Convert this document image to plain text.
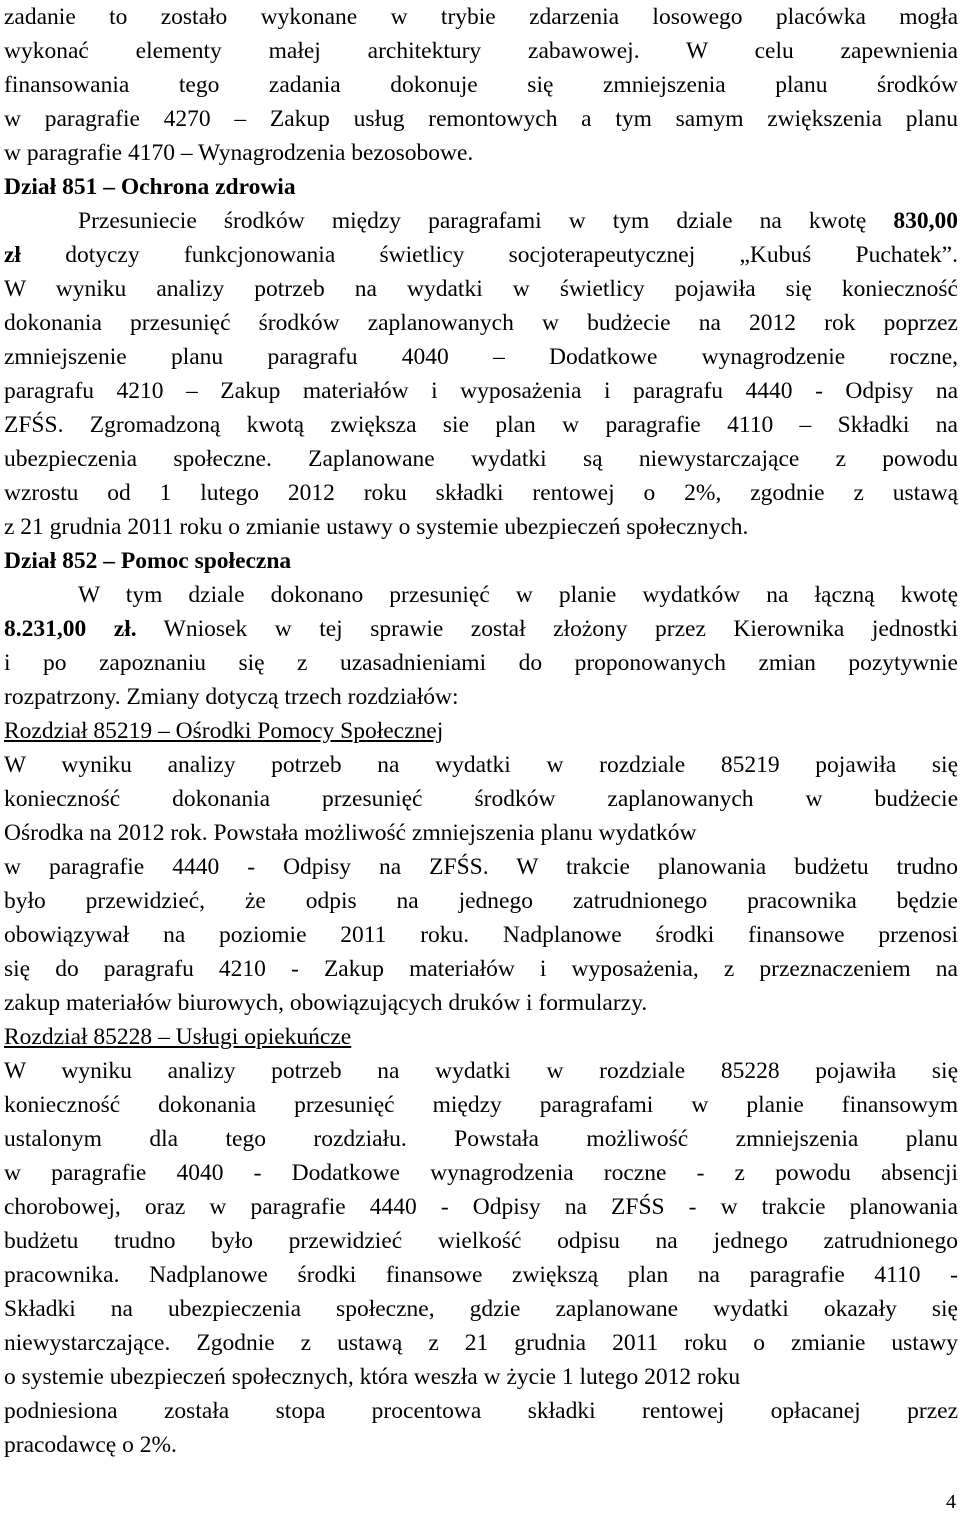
zadanie to zostało wykonane w trybie zdarzenia losowego placówka mogła
wykonać elementy małej architektury zabawowej. W celu zapewnienia
finansowania tego zadania dokonuje się zmniejszenia planu środków
w paragrafie 4270 – Zakup usług remontowych a tym samym zwiększenia planu
w paragrafie 4170 – Wynagrodzenia bezosobowe.
Dział 851 – Ochrona zdrowia
Przesuniecie środków między paragrafami w tym dziale na kwotę 830,00
zł dotyczy funkcjonowania świetlicy socjoterapeutycznej „Kubuś Puchatek”.
W wyniku analizy potrzeb na wydatki w świetlicy pojawiła się konieczność
dokonania przesunięć środków zaplanowanych w budżecie na 2012 rok poprzez
zmniejszenie planu paragrafu 4040 – Dodatkowe wynagrodzenie roczne,
paragrafu 4210 – Zakup materiałów i wyposażenia i paragrafu 4440 - Odpisy na
ZFŚS. Zgromadzoną kwotą zwiększa sie plan w paragrafie 4110 – Składki na
ubezpieczenia społeczne. Zaplanowane wydatki są niewystarczające z powodu
wzrostu od 1 lutego 2012 roku składki rentowej o 2%, zgodnie z ustawą
z 21 grudnia 2011 roku o zmianie ustawy o systemie ubezpieczeń społecznych.
Dział 852 – Pomoc społeczna
W tym dziale dokonano przesunięć w planie wydatków na łączną kwotę
8.231,00 zł. Wniosek w tej sprawie został złożony przez Kierownika jednostki
i po zapoznaniu się z uzasadnieniami do proponowanych zmian pozytywnie
rozpatrzony. Zmiany dotyczą trzech rozdziałów:
Rozdział 85219 – Ośrodki Pomocy Społecznej
W wyniku analizy potrzeb na wydatki w rozdziale 85219 pojawiła się
konieczność dokonania przesunięć środków zaplanowanych w budżecie
Ośrodka na 2012 rok. Powstała możliwość zmniejszenia planu wydatków
w paragrafie 4440 - Odpisy na ZFŚS. W trakcie planowania budżetu trudno
było przewidzieć, że odpis na jednego zatrudnionego pracownika będzie
obowiązywał na poziomie 2011 roku. Nadplanowe środki finansowe przenosi
się do paragrafu 4210 - Zakup materiałów i wyposażenia, z przeznaczeniem na
zakup materiałów biurowych, obowiązujących druków i formularzy.
Rozdział 85228 – Usługi opiekuńcze
W wyniku analizy potrzeb na wydatki w rozdziale 85228 pojawiła się
konieczność dokonania przesunięć między paragrafami w planie finansowym
ustalonym dla tego rozdziału. Powstała możliwość zmniejszenia planu
w paragrafie 4040 - Dodatkowe wynagrodzenia roczne - z powodu absencji
chorobowej, oraz w paragrafie 4440 - Odpisy na ZFŚS - w trakcie planowania
budżetu trudno było przewidzieć wielkość odpisu na jednego zatrudnionego
pracownika. Nadplanowe środki finansowe zwiększą plan na paragrafie 4110 -
Składki na ubezpieczenia społeczne, gdzie zaplanowane wydatki okazały się
niewystarczające. Zgodnie z ustawą z 21 grudnia 2011 roku o zmianie ustawy
o systemie ubezpieczeń społecznych, która weszła w życie 1 lutego 2012 roku
podniesiona została stopa procentowa składki rentowej opłacanej przez
pracodawcę o 2%.
4
